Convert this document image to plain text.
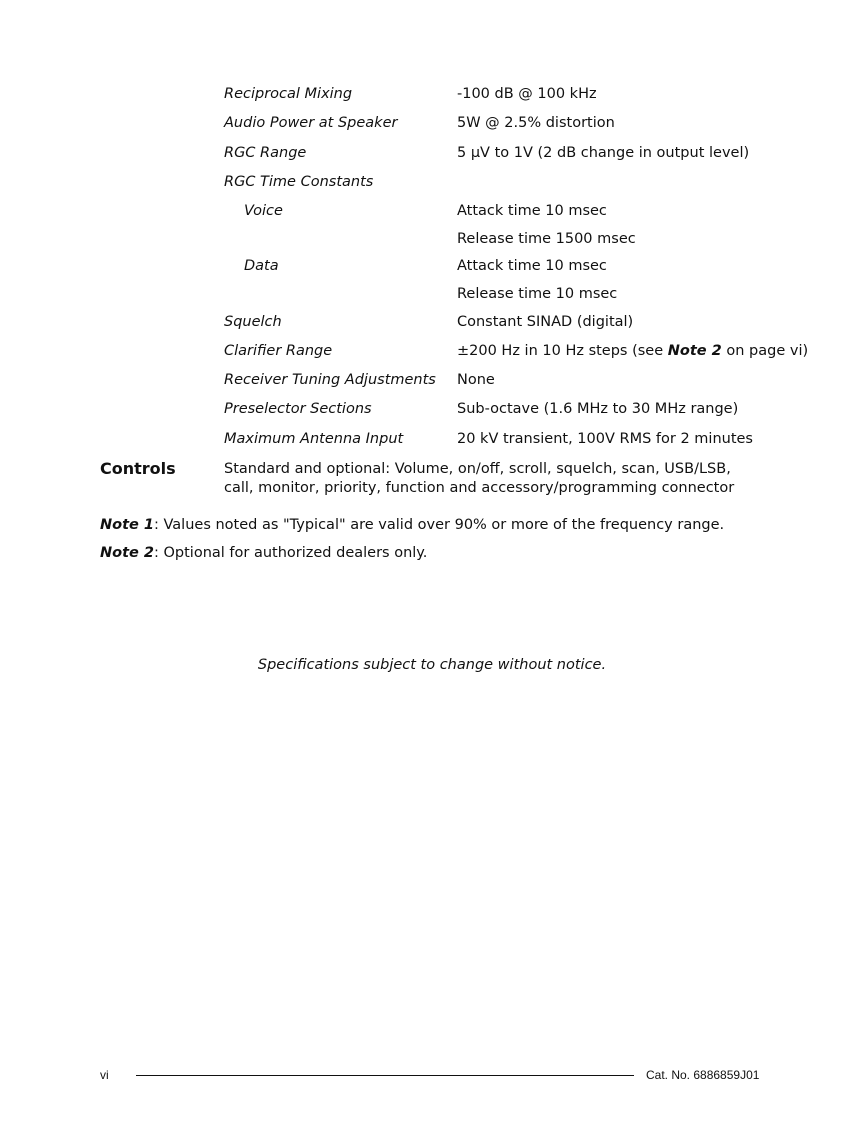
Reciprocal Mixing	-100 dB @ 100 kHz
Audio Power at Speaker	5W @ 2.5% distortion
RGC Range	5 µV to 1V (2 dB change in output level)
RGC Time Constants
Voice	Attack time 10 msec
Release time 1500 msec
Data	Attack time 10 msec
Release time 10 msec
Squelch	Constant SINAD (digital)
Clarifier Range	±200 Hz in 10 Hz steps (see Note 2 on page vi)
Receiver Tuning Adjustments None
Preselector Sections	Sub-octave (1.6 MHz to 30 MHz range)
Maximum Antenna Input	20 kV transient, 100V RMS for 2 minutes
Controls	Standard and optional: Volume, on/off, scroll, squelch, scan, USB/LSB, call, monitor, priority, function and accessory/programming connector
Note 1: Values noted as "Typical" are valid over 90% or more of the frequency range.
Note 2: Optional for authorized dealers only.
Specifications subject to change without notice.
vi	Cat. No. 6886859J01
